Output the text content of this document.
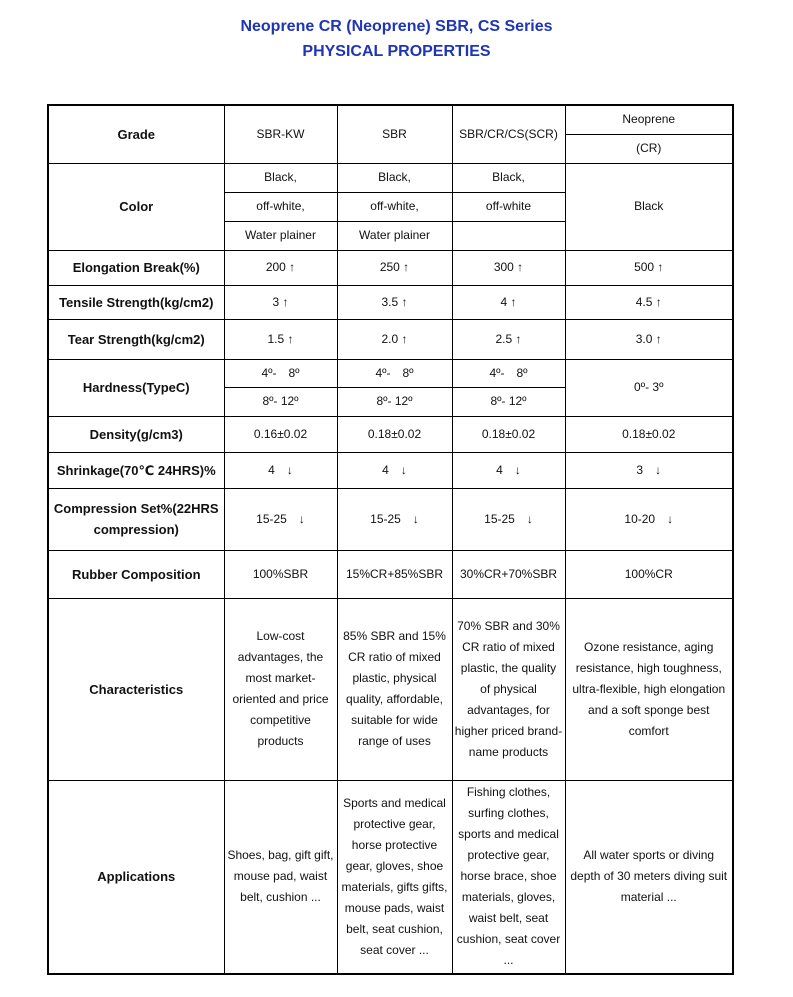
Neoprene CR (Neoprene) SBR, CS Series
PHYSICAL PROPERTIES
Grade	SBR-KW	SBR	SBR/CR/CS(SCR)	Neoprene
				(CR)
Color	Black,	Black,	Black,	Black
	off-white,	off-white,	off-white	
	Water plainer	Water plainer		
Elongation Break(%)	200 ↑	250 ↑	300 ↑	500 ↑
Tensile Strength(kg/cm2)	3 ↑	3.5 ↑	4 ↑	4.5 ↑
Tear Strength(kg/cm2)	1.5 ↑	2.0 ↑	2.5 ↑	3.0 ↑
Hardness(TypeC)	4º-　8º	4º-　8º	4º-　8º	0º- 3º
	8º- 12º	8º- 12º	8º- 12º	
Density(g/cm3)	0.16±0.02	0.18±0.02	0.18±0.02	0.18±0.02
Shrinkage(70℃ 24HRS)%	4　↓	4　↓	4　↓	3　↓
Compression Set%(22HRS compression)	15-25　↓	15-25　↓	15-25　↓	10-20　↓
Rubber Composition	100%SBR	15%CR+85%SBR	30%CR+70%SBR	100%CR
Characteristics	Low-cost advantages, the most market-oriented and price competitive products	85% SBR and 15% CR ratio of mixed plastic, physical quality, affordable, suitable for wide range of uses	70% SBR and 30% CR ratio of mixed plastic, the quality of physical advantages, for higher priced brand-name products	Ozone resistance, aging resistance, high toughness, ultra-flexible, high elongation and a soft sponge best comfort
Applications	Shoes, bag, gift gift, mouse pad, waist belt, cushion ...	Sports and medical protective gear, horse protective gear, gloves, shoe materials, gifts gifts, mouse pads, waist belt, seat cushion, seat cover ...	Fishing clothes, surfing clothes, sports and medical protective gear, horse brace, shoe materials, gloves, waist belt, seat cushion, seat cover ...	All water sports or diving depth of 30 meters diving suit material ...
